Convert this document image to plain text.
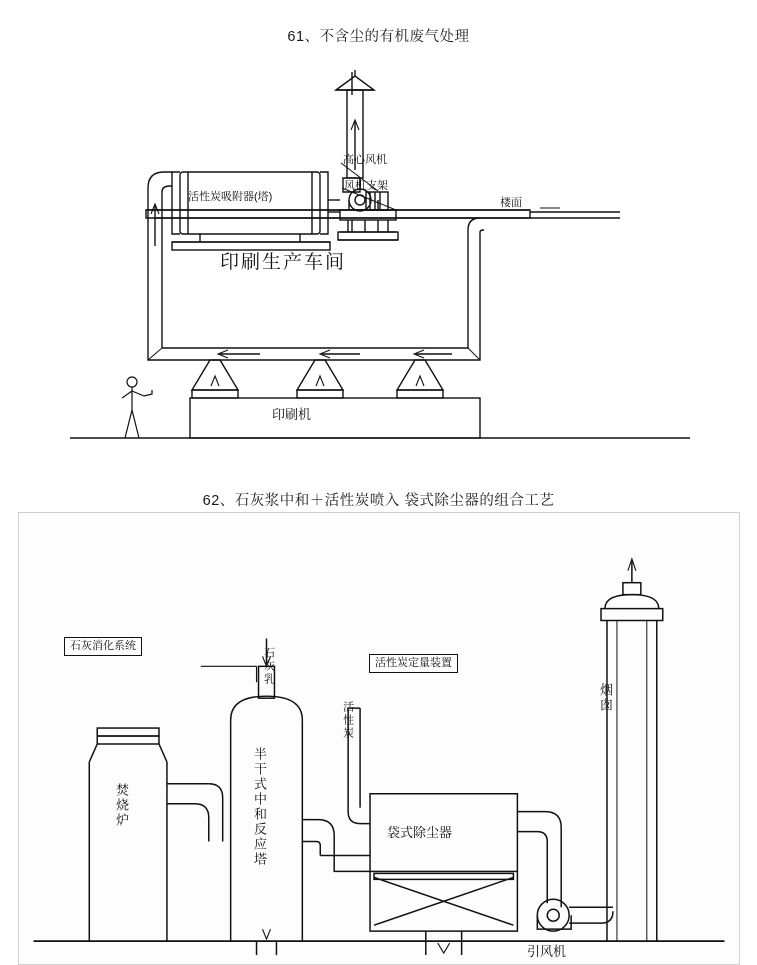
61、不含尘的有机废气处理
高心风机
风机支架
活性炭吸附器(塔)	楼面
印刷生产车间
印刷机
62、石灰浆中和＋活性炭喷入 袋式除尘器的组合工艺
石灰消化系统
石灰乳	活性炭定量装置
活性炭
焚烧炉	半干式中和反应塔	袋式除尘器
烟囱
引风机
